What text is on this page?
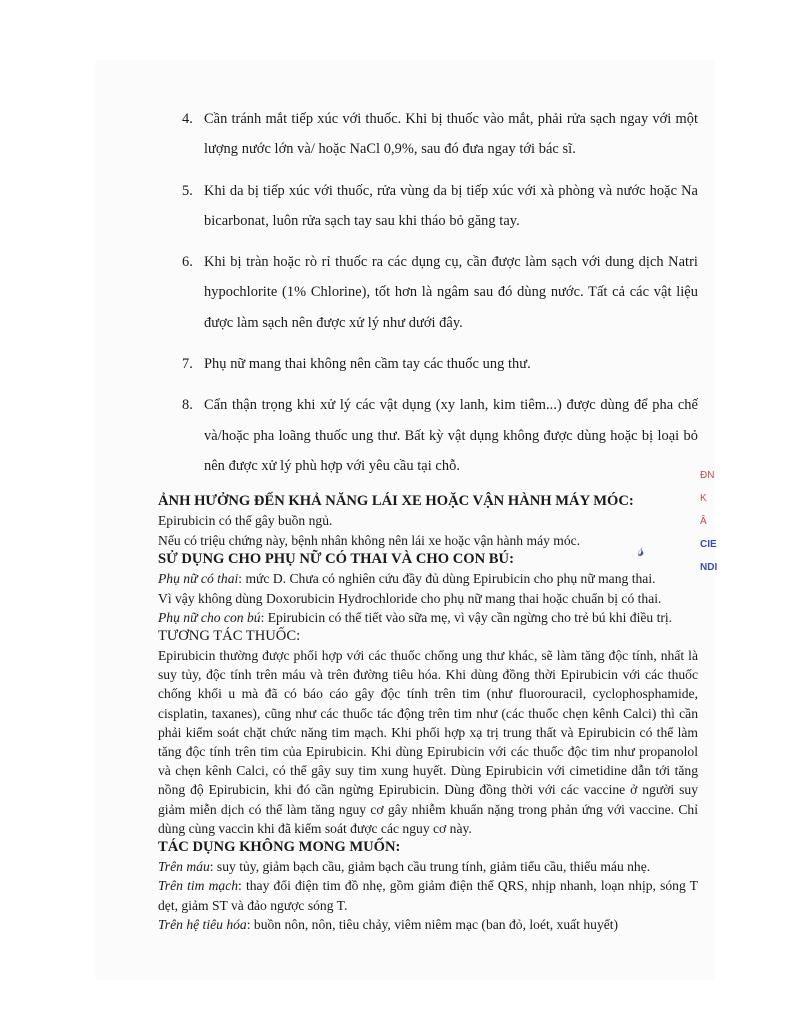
4. Cần tránh mắt tiếp xúc với thuốc. Khi bị thuốc vào mắt, phải rửa sạch ngay với một lượng nước lớn và/ hoặc NaCl 0,9%, sau đó đưa ngay tới bác sĩ.
5. Khi da bị tiếp xúc với thuốc, rửa vùng da bị tiếp xúc với xà phòng và nước hoặc Na bicarbonat, luôn rửa sạch tay sau khi tháo bỏ găng tay.
6. Khi bị tràn hoặc rò rỉ thuốc ra các dụng cụ, cần được làm sạch với dung dịch Natri hypochlorite (1% Chlorine), tốt hơn là ngâm sau đó dùng nước. Tất cả các vật liệu được làm sạch nên được xử lý như dưới đây.
7. Phụ nữ mang thai không nên cầm tay các thuốc ung thư.
8. Cẩn thận trọng khi xử lý các vật dụng (xy lanh, kim tiêm...) được dùng để pha chế và/hoặc pha loãng thuốc ung thư. Bất kỳ vật dụng không được dùng hoặc bị loại bỏ nên được xử lý phù hợp với yêu cầu tại chỗ.
ẢNH HƯỞNG ĐẾN KHẢ NĂNG LÁI XE HOẶC VẬN HÀNH MÁY MÓC:

Epirubicin có thể gây buồn ngủ.

Nếu có triệu chứng này, bệnh nhân không nên lái xe hoặc vận hành máy móc.

SỬ DỤNG CHO PHỤ NỮ CÓ THAI VÀ CHO CON BÚ:

Phụ nữ có thai: mức D. Chưa có nghiên cứu đầy đủ dùng Epirubicin cho phụ nữ mang thai.

Vì vậy không dùng Doxorubicin Hydrochloride cho phụ nữ mang thai hoặc chuẩn bị có thai.

Phụ nữ cho con bú: Epirubicin có thể tiết vào sữa mẹ, vì vậy cần ngừng cho trẻ bú khi điều trị.

TƯƠNG TÁC THUỐC:

Epirubicin thường được phối hợp với các thuốc chống ung thư khác, sẽ làm tăng độc tính, nhất là suy tủy, độc tính trên máu và trên đường tiêu hóa. Khi dùng đồng thời Epirubicin với các thuốc chống khối u mà đã có báo cáo gây độc tính trên tim (như fluorouracil, cyclophosphamide, cisplatin, taxanes), cũng như các thuốc tác động trên tim như (các thuốc chẹn kênh Calci) thì cần phải kiểm soát chặt chức năng tim mạch. Khi phối hợp xạ trị trung thất và Epirubicin có thể làm tăng độc tính trên tim của Epirubicin. Khi dùng Epirubicin với các thuốc độc tim như propanolol và chẹn kênh Calci, có thể gây suy tim xung huyết. Dùng Epirubicin với cimetidine dẫn tới tăng nồng độ Epirubicin, khi đó cần ngừng Epirubicin. Dùng đồng thời với các vaccine ở người suy giảm miễn dịch có thể làm tăng nguy cơ gây nhiễm khuẩn nặng trong phản ứng với vaccine. Chỉ dùng cùng vaccin khi đã kiểm soát được các nguy cơ này.

TÁC DỤNG KHÔNG MONG MUỐN:

Trên máu: suy tủy, giảm bạch cầu, giảm bạch cầu trung tính, giảm tiểu cầu, thiếu máu nhẹ.

Trên tim mạch: thay đổi điện tim đồ nhẹ, gồm giảm điện thế QRS, nhịp nhanh, loạn nhịp, sóng T dẹt, giảm ST và đảo ngược sóng T.

Trên hệ tiêu hóa: buồn nôn, nôn, tiêu chảy, viêm niêm mạc (ban đỏ, loét, xuất huyết)

𝓈
ĐN
K
Â
CIE
NDI
